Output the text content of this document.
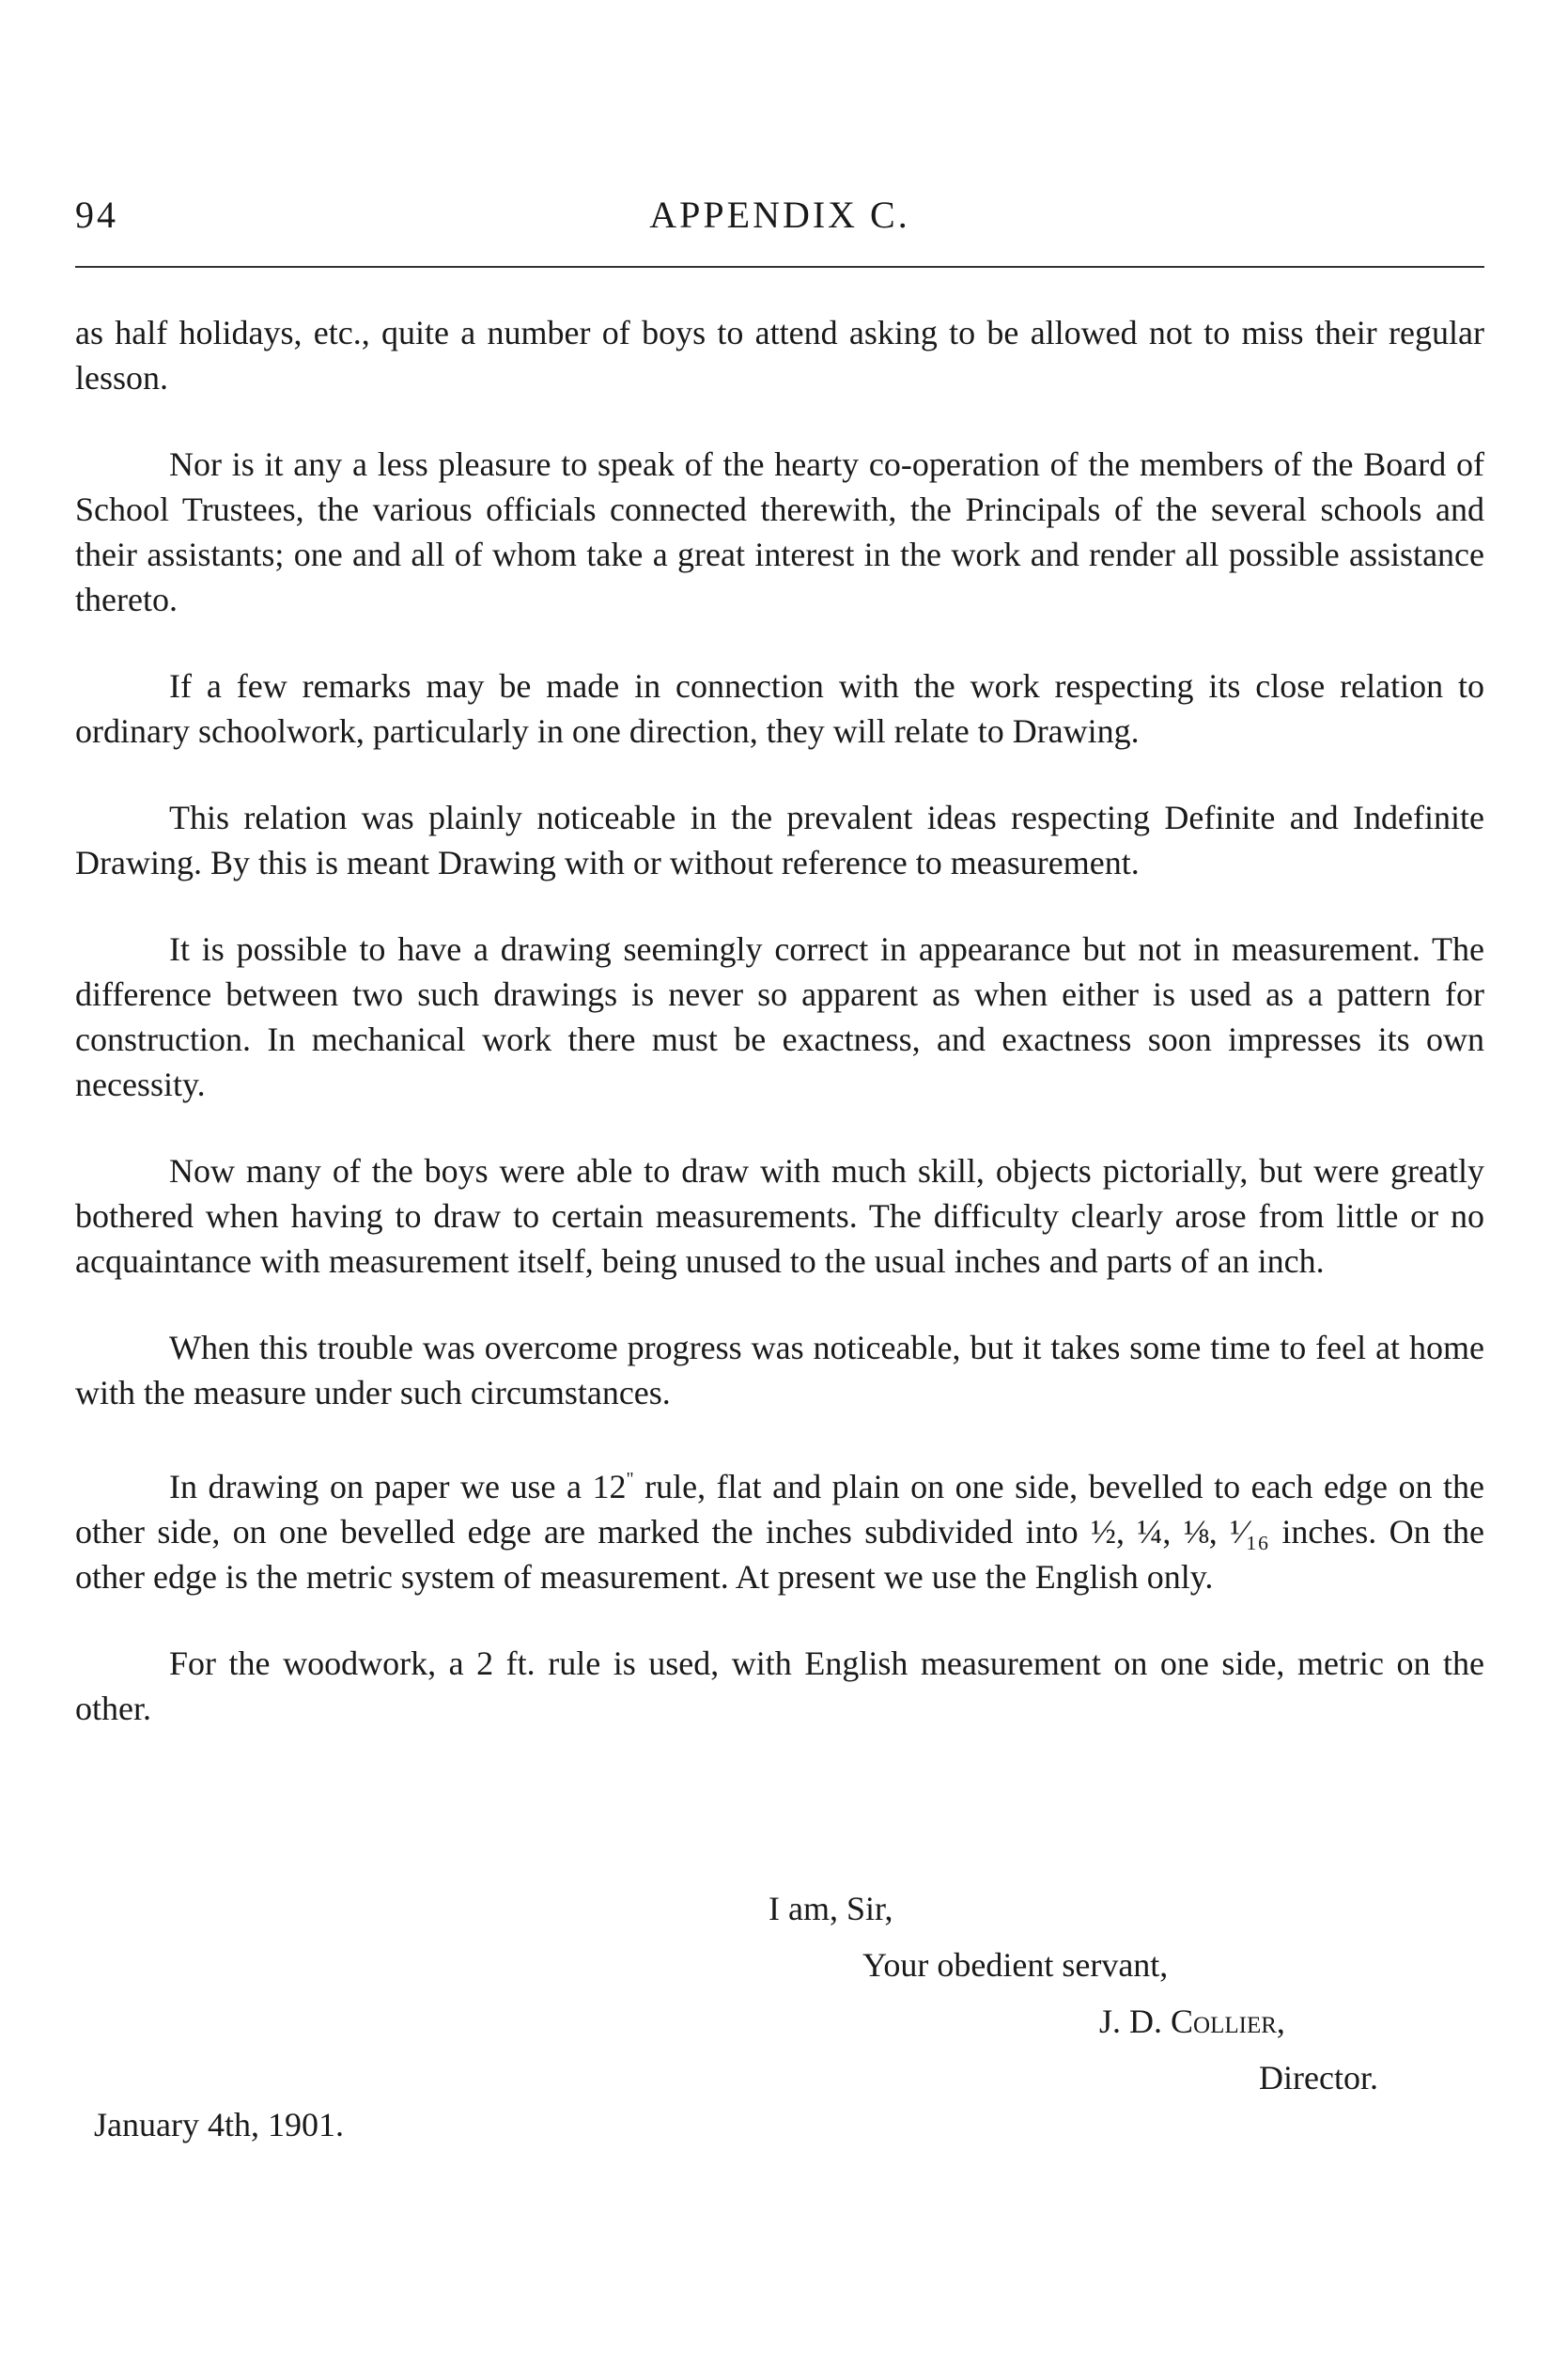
94	APPENDIX C.

as half holidays, etc., quite a number of boys to attend asking to be allowed not to miss their regular lesson.

Nor is it any a less pleasure to speak of the hearty co-operation of the members of the Board of School Trustees, the various officials connected therewith, the Principals of the several schools and their assistants; one and all of whom take a great interest in the work and render all possible assistance thereto.

If a few remarks may be made in connection with the work respecting its close relation to ordinary schoolwork, particularly in one direction, they will relate to Drawing.

This relation was plainly noticeable in the prevalent ideas respecting Definite and Indefinite Drawing. By this is meant Drawing with or without reference to measurement.

It is possible to have a drawing seemingly correct in appearance but not in measurement. The difference between two such drawings is never so apparent as when either is used as a pattern for construction. In mechanical work there must be exactness, and exactness soon impresses its own necessity.

Now many of the boys were able to draw with much skill, objects pictorially, but were greatly bothered when having to draw to certain measurements. The difficulty clearly arose from little or no acquaintance with measurement itself, being unused to the usual inches and parts of an inch.

When this trouble was overcome progress was noticeable, but it takes some time to feel at home with the measure under such circumstances.

In drawing on paper we use a 12" rule, flat and plain on one side, bevelled to each edge on the other side, on one bevelled edge are marked the inches subdivided into ½, ¼, ⅛, ¹⁄₁₆ inches. On the other edge is the metric system of measurement. At present we use the English only.

For the woodwork, a 2 ft. rule is used, with English measurement on one side, metric on the other.

I am, Sir,
Your obedient servant,
J. D. Collier,
Director.
January 4th, 1901.
